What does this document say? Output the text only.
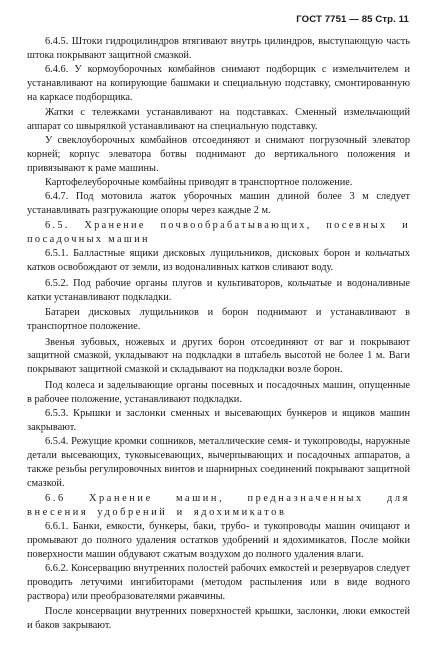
ГОСТ 7751 — 85 Стр. 11

6.4.5. Штоки гидроцилиндров втягивают внутрь цилиндров, выступающую часть штока покрывают защитной смазкой.

6.4.6. У кормоуборочных комбайнов снимают подборщик с измельчителем и устанавливают на копирующие башмаки и специальную подставку, смонтированную на каркасе подборщика.

Жатки с тележками устанавливают на подставках. Сменный измельчающий аппарат со швырялкой устанавливают на специальную подставку.

У свеклоуборочных комбайнов отсоединяют и снимают погрузочный элеватор корней; корпус элеватора ботвы поднимают до вертикального положения и привязывают к раме машины.

Картофелеуборочные комбайны приводят в транспортное положение.

6.4.7. Под мотовила жаток уборочных машин длиной более 3 м следует устанавливать разгружающие опоры через каждые 2 м.

6.5. Хранение почвообрабатывающих, посевных и посадочных машин

6.5.1. Балластные ящики дисковых лущильников, дисковых борон и кольчатых катков освобождают от земли, из водоналивных катков сливают воду.

6.5.2. Под рабочие органы плугов и культиваторов, кольчатые и водоналивные катки устанавливают подкладки.

Батареи дисковых лущильников и борон поднимают и устанавливают в транспортное положение.

Звенья зубовых, ножевых и других борон отсоединяют от ваг и покрывают защитной смазкой, укладывают на подкладки в штабель высотой не более 1 м. Ваги покрывают защитной смазкой и складывают на подкладки возле борон.

Под колеса и заделывающие органы посевных и посадочных машин, опущенные в рабочее положение, устанавливают подкладки.

6.5.3. Крышки и заслонки сменных и высевающих бункеров и ящиков машин закрывают.

6.5.4. Режущие кромки сошников, металлические семя- и тукопроводы, наружные детали высевающих, туковысевающих, вычерпывающих и посадочных аппаратов, а также резьбы регулировочных винтов и шарнирных соединений покрывают защитной смазкой.

6.6 Хранение машин, предназначенных для внесения удобрений и ядохимикатов

6.6.1. Банки, емкости, бункеры, баки, трубо- и тукопроводы машин очищают и промывают до полного удаления остатков удобрений и ядохимикатов. После мойки поверхности машин обдувают сжатым воздухом до полного удаления влаги.

6.6.2. Консервацию внутренних полостей рабочих емкостей и резервуаров следует проводить летучими ингибиторами (методом распыления или в виде водного раствора) или преобразователями ржавчины.

После консервации внутренних поверхностей крышки, заслонки, люки емкостей и баков закрывают.
